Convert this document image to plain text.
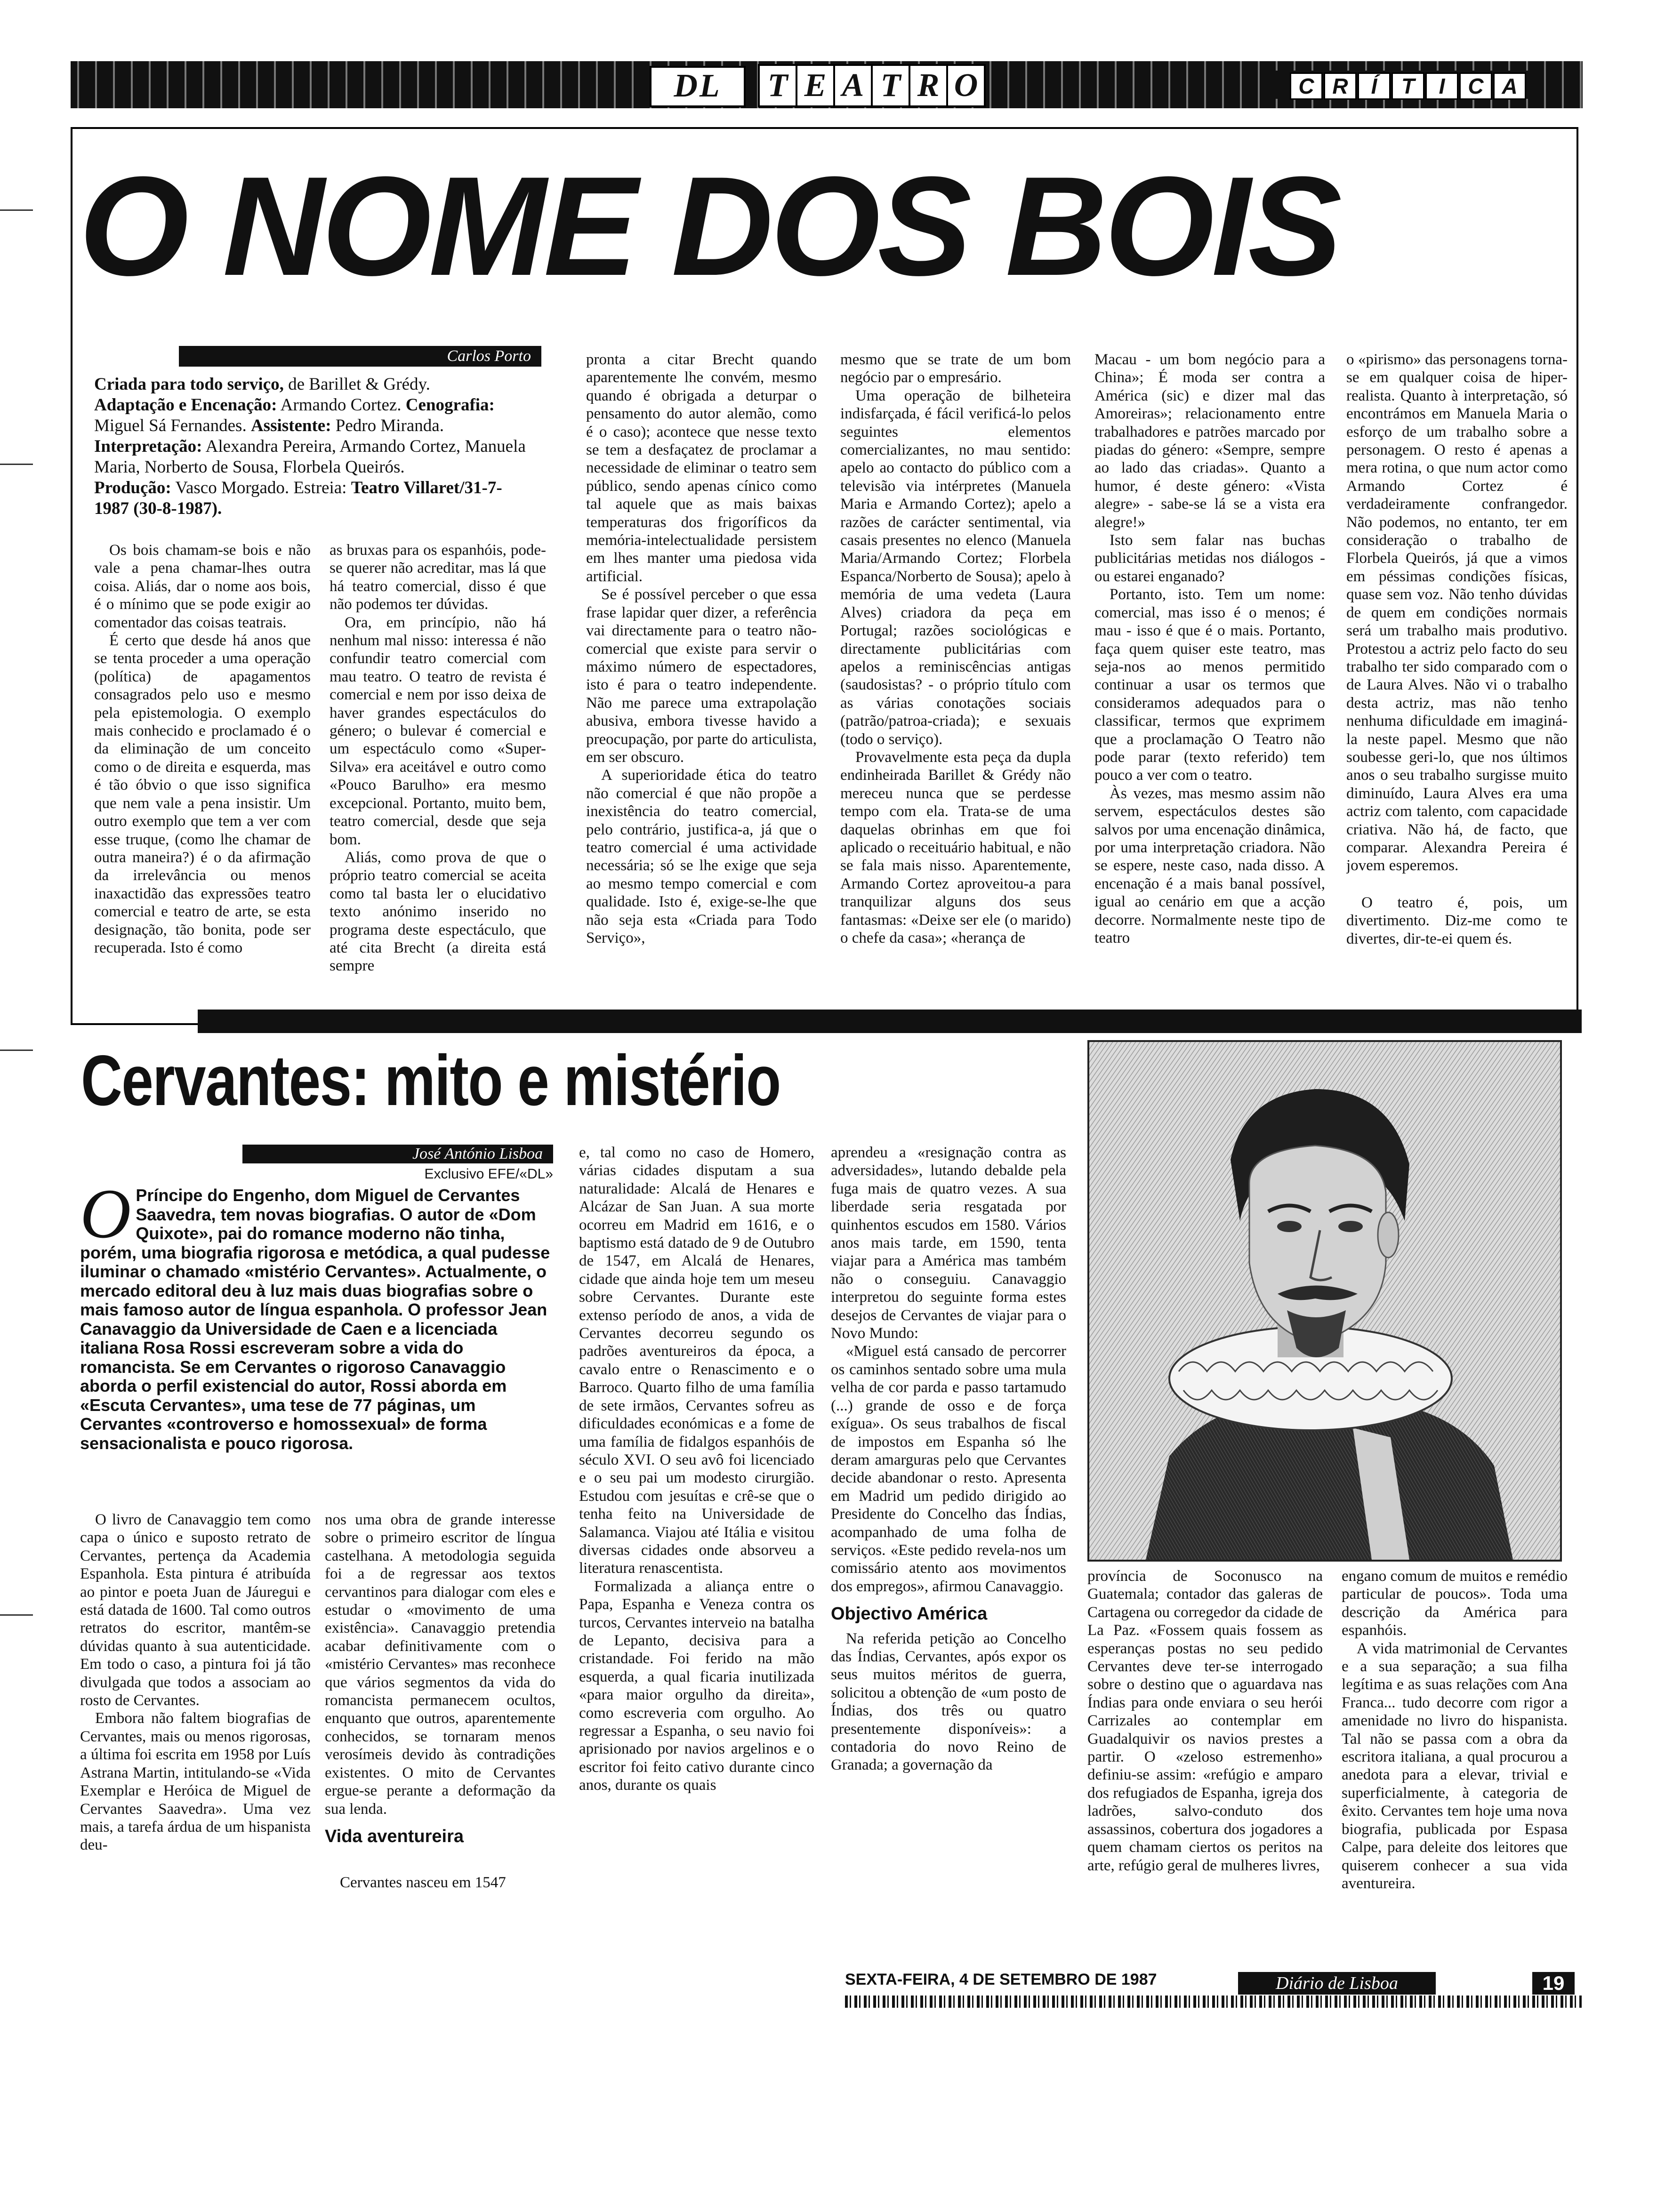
DL	T E A T R O	C R	Í	T	I	C A
O NOME DOS BOIS
Carlos Porto
Criada para todo serviço, de Barillet & Grédy.
Adaptação e Encenação: Armando Cortez. Cenografia: Miguel Sá Fernandes. Assistente: Pedro Miranda.
Interpretação: Alexandra Pereira, Armando Cortez, Manuela Maria, Norberto de Sousa, Florbela Queirós.
Produção: Vasco Morgado. Estreia: Teatro Villaret/31-7-1987 (30-8-1987).

Os bois chamam-se bois e não vale a pena chamar-lhes outra coisa. Aliás, dar o nome aos bois, é o mínimo que se pode exigir ao comentador das coisas teatrais.

É certo que desde há anos que se tenta proceder a uma operação (política) de apagamentos consagrados pelo uso e mesmo pela epistemologia. O exemplo mais conhecido e proclamado é o da eliminação de um conceito como o de direita e esquerda, mas é tão óbvio o que isso significa que nem vale a pena insistir. Um outro exemplo que tem a ver com esse truque, (como lhe chamar de outra maneira?) é o da afirmação da irrelevância ou menos inaxactidão das expressões teatro comercial e teatro de arte, se esta designação, tão bonita, pode ser recuperada. Isto é como

as bruxas para os espanhóis, pode-se querer não acreditar, mas lá que há teatro comercial, disso é que não podemos ter dúvidas.

Ora, em princípio, não há nenhum mal nisso: interessa é não confundir teatro comercial com mau teatro. O teatro de revista é comercial e nem por isso deixa de haver grandes espectáculos do género; o bulevar é comercial e um espectáculo como «Super-Silva» era aceitável e outro como «Pouco Barulho» era mesmo excepcional. Portanto, muito bem, teatro comercial, desde que seja bom.

Aliás, como prova de que o próprio teatro comercial se aceita como tal basta ler o elucidativo texto anónimo inserido no programa deste espectáculo, que até cita Brecht (a direita está sempre

pronta a citar Brecht quando aparentemente lhe convém, mesmo quando é obrigada a deturpar o pensamento do autor alemão, como é o caso); acontece que nesse texto se tem a desfaçatez de proclamar a necessidade de eliminar o teatro sem público, sendo apenas cínico como tal aquele que as mais baixas temperaturas dos frigoríficos da memória-intelectualidade persistem em lhes manter uma piedosa vida artificial.

Se é possível perceber o que essa frase lapidar quer dizer, a referência vai directamente para o teatro não-comercial que existe para servir o máximo número de espectadores, isto é para o teatro independente. Não me parece uma extrapolação abusiva, embora tivesse havido a preocupação, por parte do articulista, em ser obscuro.

A superioridade ética do teatro não comercial é que não propõe a inexistência do teatro comercial, pelo contrário, justifica-a, já que o teatro comercial é uma actividade necessária; só se lhe exige que seja ao mesmo tempo comercial e com qualidade. Isto é, exige-se-lhe que não seja esta «Criada para Todo Serviço»,

mesmo que se trate de um bom negócio par o empresário.

Uma operação de bilheteira indisfarçada, é fácil verificá-lo pelos seguintes elementos comercializantes, no mau sentido: apelo ao contacto do público com a televisão via intérpretes (Manuela Maria e Armando Cortez); apelo a razões de carácter sentimental, via casais presentes no elenco (Manuela Maria/Armando Cortez; Florbela Espanca/Norberto de Sousa); apelo à memória de uma vedeta (Laura Alves) criadora da peça em Portugal; razões sociológicas e directamente publicitárias com apelos a reminiscências antigas (saudosistas? - o próprio título com as várias conotações sociais (patrão/patroa-criada); e sexuais (todo o serviço).

Provavelmente esta peça da dupla endinheirada Barillet & Grédy não mereceu nunca que se perdesse tempo com ela. Trata-se de uma daquelas obrinhas em que foi aplicado o receituário habitual, e não se fala mais nisso. Aparentemente, Armando Cortez aproveitou-a para tranquilizar alguns dos seus fantasmas: «Deixe ser ele (o marido) o chefe da casa»; «herança de

Macau - um bom negócio para a China»; É moda ser contra a América (sic) e dizer mal das Amoreiras»; relacionamento entre trabalhadores e patrões marcado por piadas do género: «Sempre, sempre ao lado das criadas». Quanto a humor, é deste género: «Vista alegre» - sabe-se lá se a vista era alegre!»

Isto sem falar nas buchas publicitárias metidas nos diálogos - ou estarei enganado?

Portanto, isto. Tem um nome: comercial, mas isso é o menos; é mau - isso é que é o mais. Portanto, faça quem quiser este teatro, mas seja-nos ao menos permitido continuar a usar os termos que consideramos adequados para o classificar, termos que exprimem que a proclamação O Teatro não pode parar (texto referido) tem pouco a ver com o teatro.

Às vezes, mas mesmo assim não servem, espectáculos destes são salvos por uma encenação dinâmica, por uma interpretação criadora. Não se espere, neste caso, nada disso. A encenação é a mais banal possível, igual ao cenário em que a acção decorre. Normalmente neste tipo de teatro

o «pirismo» das personagens torna-se em qualquer coisa de hiper-realista. Quanto à interpretação, só encontrámos em Manuela Maria o esforço de um trabalho sobre a personagem. O resto é apenas a mera rotina, o que num actor como Armando Cortez é verdadeiramente confrangedor. Não podemos, no entanto, ter em consideração o trabalho de Florbela Queirós, já que a vimos em péssimas condições físicas, quase sem voz. Não tenho dúvidas de quem em condições normais será um trabalho mais produtivo. Protestou a actriz pelo facto do seu trabalho ter sido comparado com o de Laura Alves. Não vi o trabalho desta actriz, mas não tenho nenhuma dificuldade em imaginá-la neste papel. Mesmo que não soubesse geri-lo, que nos últimos anos o seu trabalho surgisse muito diminuído, Laura Alves era uma actriz com talento, com capacidade criativa. Não há, de facto, que comparar. Alexandra Pereira é jovem esperemos.

O teatro é, pois, um divertimento. Diz-me como te divertes, dir-te-ei quem és.

Cervantes: mito e mistério
José António Lisboa
Exclusivo EFE/«DL»
O Príncipe do Engenho, dom Miguel de Cervantes Saavedra, tem novas biografias. O autor de «Dom Quixote», pai do romance moderno não tinha, porém, uma biografia rigorosa e metódica, a qual pudesse iluminar o chamado «mistério Cervantes». Actualmente, o mercado editoral deu à luz mais duas biografias sobre o mais famoso autor de língua espanhola. O professor Jean Canavaggio da Universidade de Caen e a licenciada italiana Rosa Rossi escreveram sobre a vida do romancista. Se em Cervantes o rigoroso Canavaggio aborda o perfil existencial do autor, Rossi aborda em «Escuta Cervantes», uma tese de 77 páginas, um Cervantes «controverso e homossexual» de forma sensacionalista e pouco rigorosa.

O livro de Canavaggio tem como capa o único e suposto retrato de Cervantes, pertença da Academia Espanhola. Esta pintura é atribuída ao pintor e poeta Juan de Jáuregui e está datada de 1600. Tal como outros retratos do escritor, mantêm-se dúvidas quanto à sua autenticidade. Em todo o caso, a pintura foi já tão divulgada que todos a associam ao rosto de Cervantes.

Embora não faltem biografias de Cervantes, mais ou menos rigorosas, a última foi escrita em 1958 por Luís Astrana Martin, intitulando-se «Vida Exemplar e Heróica de Miguel de Cervantes Saavedra». Uma vez mais, a tarefa árdua de um hispanista deu-

nos uma obra de grande interesse sobre o primeiro escritor de língua castelhana. A metodologia seguida foi a de regressar aos textos cervantinos para dialogar com eles e estudar o «movimento de uma existência». Canavaggio pretendia acabar definitivamente com o «mistério Cervantes» mas reconhece que vários segmentos da vida do romancista permanecem ocultos, enquanto que outros, aparentemente conhecidos, se tornaram menos verosímeis devido às contradições existentes. O mito de Cervantes ergue-se perante a deformação da sua lenda.

Vida aventureira

Cervantes nasceu em 1547

e, tal como no caso de Homero, várias cidades disputam a sua naturalidade: Alcalá de Henares e Alcázar de San Juan. A sua morte ocorreu em Madrid em 1616, e o baptismo está datado de 9 de Outubro de 1547, em Alcalá de Henares, cidade que ainda hoje tem um meseu sobre Cervantes. Durante este extenso período de anos, a vida de Cervantes decorreu segundo os padrões aventureiros da época, a cavalo entre o Renascimento e o Barroco. Quarto filho de uma família de sete irmãos, Cervantes sofreu as dificuldades económicas e a fome de uma família de fidalgos espanhóis de século XVI. O seu avô foi licenciado e o seu pai um modesto cirurgião. Estudou com jesuítas e crê-se que o tenha feito na Universidade de Salamanca. Viajou até Itália e visitou diversas cidades onde absorveu a literatura renascentista.

Formalizada a aliança entre o Papa, Espanha e Veneza contra os turcos, Cervantes interveio na batalha de Lepanto, decisiva para a cristandade. Foi ferido na mão esquerda, a qual ficaria inutilizada «para maior orgulho da direita», como escreveria com orgulho. Ao regressar a Espanha, o seu navio foi aprisionado por navios argelinos e o escritor foi feito cativo durante cinco anos, durante os quais

aprendeu a «resignação contra as adversidades», lutando debalde pela fuga mais de quatro vezes. A sua liberdade seria resgatada por quinhentos escudos em 1580. Vários anos mais tarde, em 1590, tenta viajar para a América mas também não o conseguiu. Canavaggio interpretou do seguinte forma estes desejos de Cervantes de viajar para o Novo Mundo:

«Miguel está cansado de percorrer os caminhos sentado sobre uma mula velha de cor parda e passo tartamudo (...) grande de osso e de força exígua». Os seus trabalhos de fiscal de impostos em Espanha só lhe deram amarguras pelo que Cervantes decide abandonar o resto. Apresenta em Madrid um pedido dirigido ao Presidente do Concelho das Índias, acompanhado de uma folha de serviços. «Este pedido revela-nos um comissário atento aos movimentos dos empregos», afirmou Canavaggio.

Objectivo América

Na referida petição ao Concelho das Índias, Cervantes, após expor os seus muitos méritos de guerra, solicitou a obtenção de «um posto de Índias, dos três ou quatro presentemente disponíveis»: a contadoria do novo Reino de Granada; a governação da

província de Soconusco na Guatemala; contador das galeras de Cartagena ou corregedor da cidade de La Paz. «Fossem quais fossem as esperanças postas no seu pedido Cervantes deve ter-se interrogado sobre o destino que o aguardava nas Índias para onde enviara o seu herói Carrizales ao contemplar em Guadalquivir os navios prestes a partir. O «zeloso estremenho» definiu-se assim: «refúgio e amparo dos refugiados de Espanha, igreja dos ladrões, salvo-conduto dos assassinos, cobertura dos jogadores a quem chamam ciertos os peritos na arte, refúgio geral de mulheres livres,

engano comum de muitos e remédio particular de poucos». Toda uma descrição da América para espanhóis.

A vida matrimonial de Cervantes e a sua separação; a sua filha legítima e as suas relações com Ana Franca... tudo decorre com rigor a amenidade no livro do hispanista. Tal não se passa com a obra da escritora italiana, a qual procurou a anedota para a elevar, trivial e superficialmente, à categoria de êxito. Cervantes tem hoje uma nova biografia, publicada por Espasa Calpe, para deleite dos leitores que quiserem conhecer a sua vida aventureira.

SEXTA-FEIRA, 4 DE SETEMBRO DE 1987	Diário de Lisboa	19
